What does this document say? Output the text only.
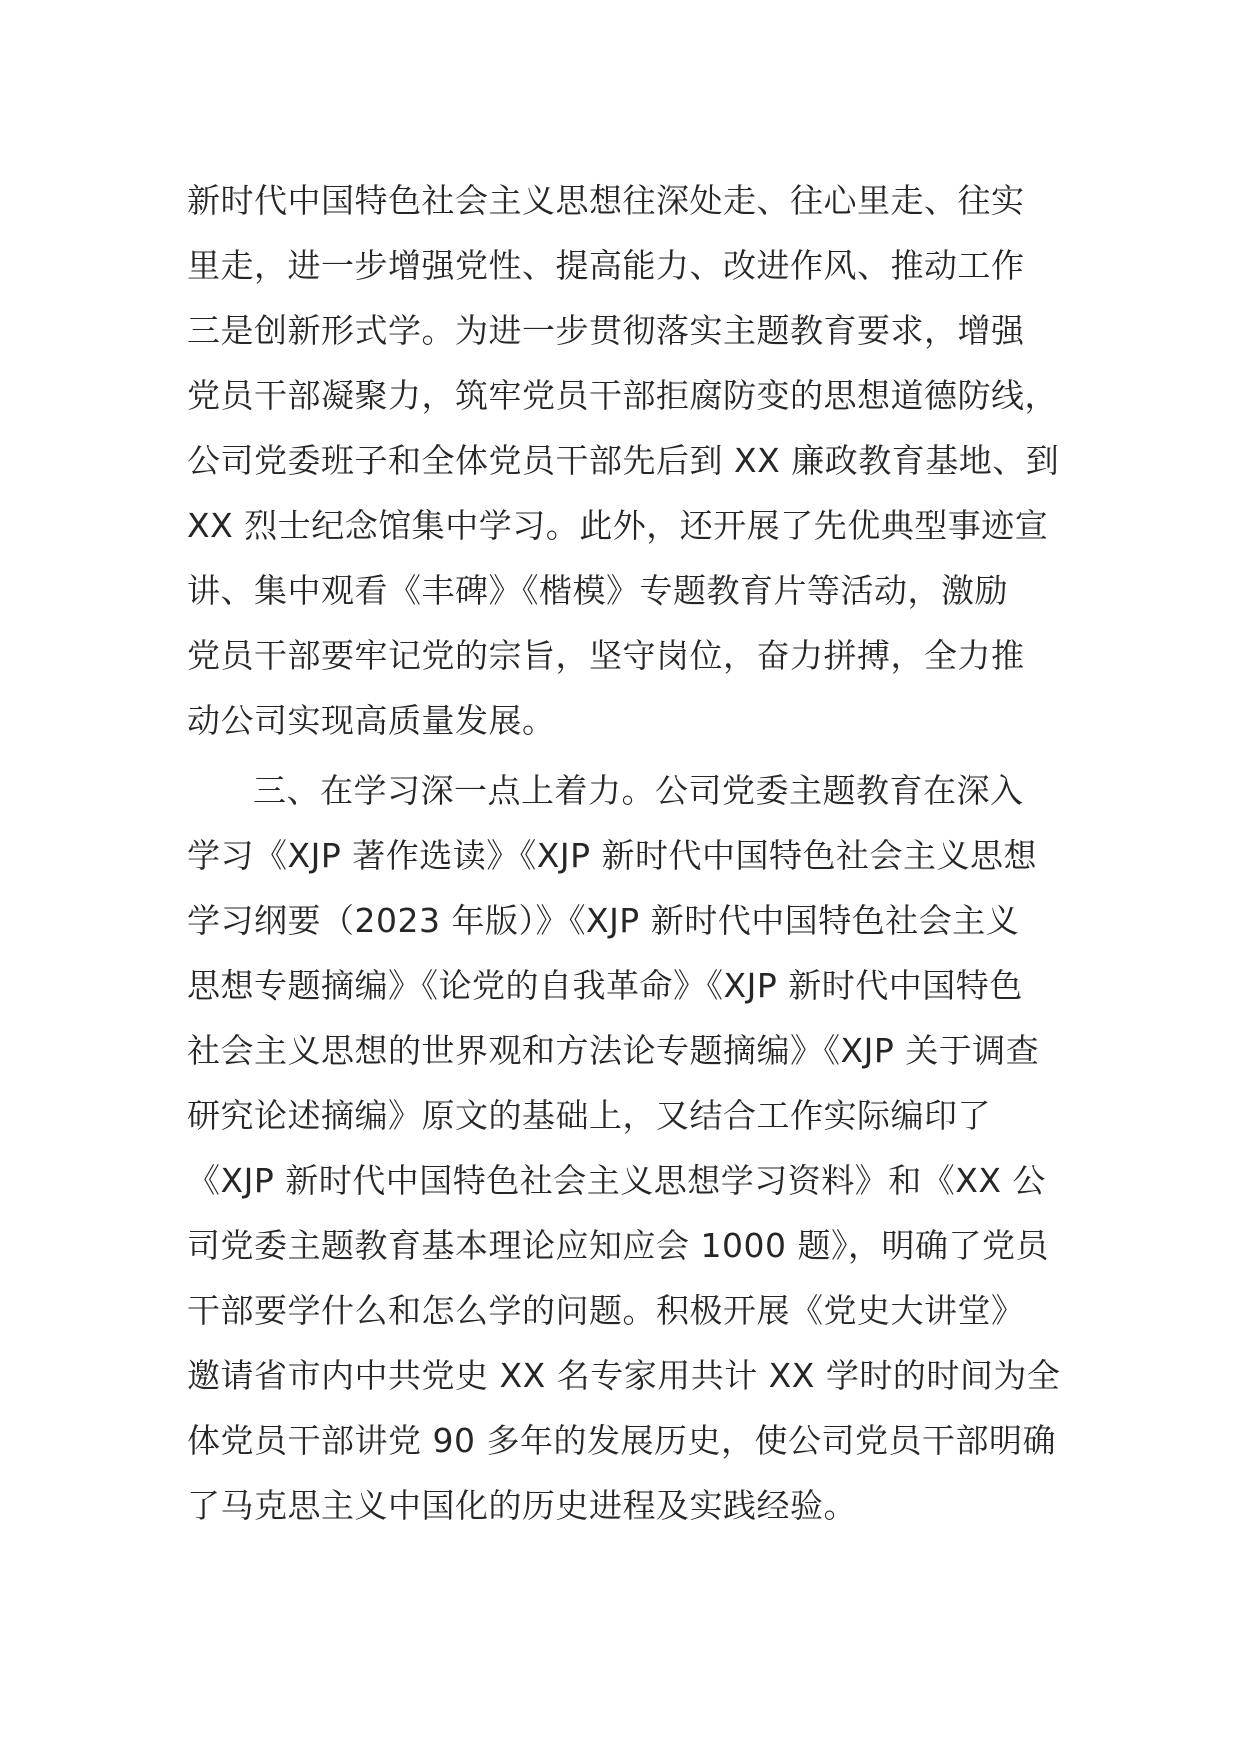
新时代中国特色社会主义思想往深处走、往心里走、往实
里走，进一步增强党性、提高能力、改进作风、推动工作
三是创新形式学。为进一步贯彻落实主题教育要求，增强
党员干部凝聚力，筑牢党员干部拒腐防变的思想道德防线，
公司党委班子和全体党员干部先后到 XX 廉政教育基地、到
XX 烈士纪念馆集中学习。此外，还开展了先优典型事迹宣
讲、集中观看《丰碑》《楷模》专题教育片等活动，激励
党员干部要牢记党的宗旨，坚守岗位，奋力拼搏，全力推
动公司实现高质量发展。
三、在学习深一点上着力。公司党委主题教育在深入
学习《XJP 著作选读》《XJP 新时代中国特色社会主义思想
学习纲要（2023 年版）》《XJP 新时代中国特色社会主义
思想专题摘编》《论党的自我革命》《XJP 新时代中国特色
社会主义思想的世界观和方法论专题摘编》《XJP 关于调查
研究论述摘编》原文的基础上，又结合工作实际编印了
《XJP 新时代中国特色社会主义思想学习资料》和《XX 公
司党委主题教育基本理论应知应会 1000 题》，明确了党员
干部要学什么和怎么学的问题。积极开展《党史大讲堂》
邀请省市内中共党史 XX 名专家用共计 XX 学时的时间为全
体党员干部讲党 90 多年的发展历史，使公司党员干部明确
了马克思主义中国化的历史进程及实践经验。
